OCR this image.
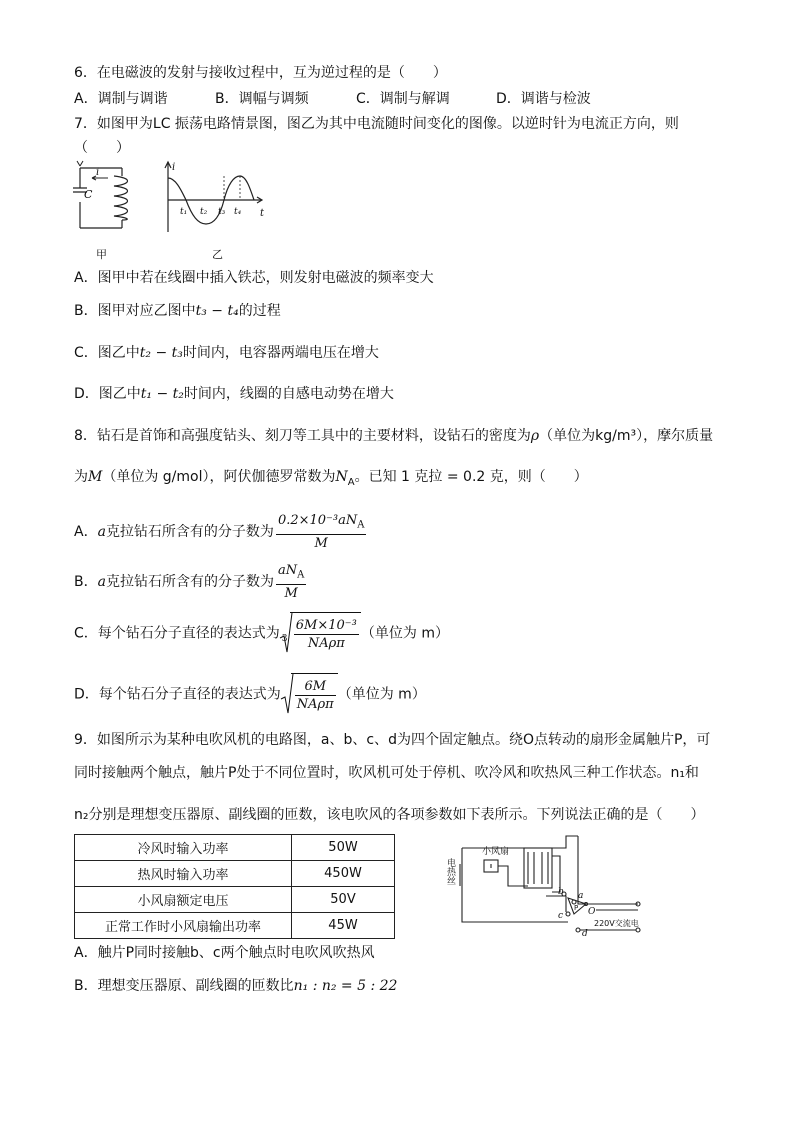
6．在电磁波的发射与接收过程中，互为逆过程的是（　　）
A．调制与调谐	B．调幅与调频	C．调制与解调	D．调谐与检波
7．如图甲为LC 振荡电路情景图，图乙为其中电流随时间变化的图像。以逆时针为电流正方向，则
（　　）
i
C
甲
i
t
t₁ t₂ t₃ t₄
乙
A．图甲中若在线圈中插入铁芯，则发射电磁波的频率变大
B．图甲对应乙图中t₃ − t₄的过程
C．图乙中t₂ − t₃时间内，电容器两端电压在增大
D．图乙中t₁ − t₂时间内，线圈的自感电动势在增大
8．钻石是首饰和高强度钻头、刻刀等工具中的主要材料，设钻石的密度为ρ（单位为kg/m³），摩尔质量
为M（单位为 g/mol），阿伏伽德罗常数为$N_A$。已知 1 克拉 = 0.2 克，则（　　）
A．a克拉钻石所含有的分子数为 $\frac{0.2\times 10^{-3}aN_A}{M}$
B．a克拉钻石所含有的分子数为 $\frac{aN_A}{M}$
C．每个钻石分子直径的表达式为 $3 \frac{\text{6M×10⁻³}}{\text{NAρπ}}$ （单位为 m）
D．每个钻石分子直径的表达式为 $\frac{6M}{\text{NAρπ}}$ （单位为 m）
9．如图所示为某种电吹风机的电路图，a、b、c、d为四个固定触点。绕O点转动的扇形金属触片P，可
同时接触两个触点，触片P处于不同位置时，吹风机可处于停机、吹冷风和吹热风三种工作状态。n₁和
n₂分别是理想变压器原、副线圈的匝数，该电吹风的各项参数如下表所示。下列说法正确的是（　　）
冷风时输入功率	50W
热风时输入功率	450W
小风扇额定电压	50V
正常工作时小风扇输出功率	45W
电热丝
小风扇
220V交流电
b a
c
d
O
P
A．触片P同时接触b、c两个触点时电吹风吹热风
B．理想变压器原、副线圈的匝数比n₁ : n₂ = 5 : 22
